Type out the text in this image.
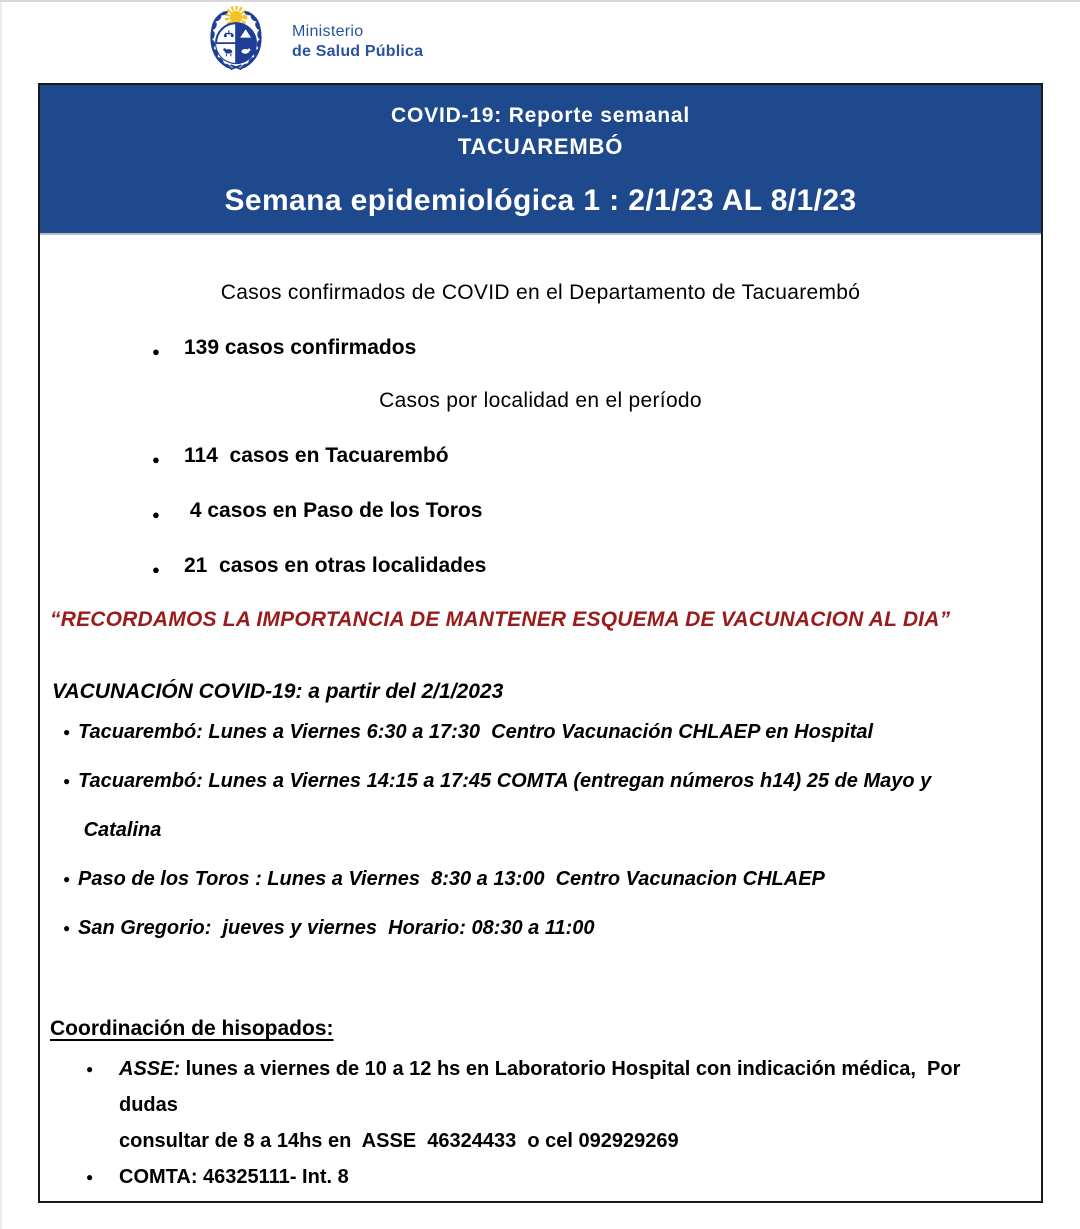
Ministerio
de Salud Pública
COVID-19: Reporte semanal
TACUAREMBÓ
Semana epidemiológica 1 : 2/1/23 AL 8/1/23

Casos confirmados de COVID en el Departamento de Tacuarembó

● 139 casos confirmados

Casos por localidad en el período

● 114  casos en Tacuarembó
●  4 casos en Paso de los Toros
● 21  casos en otras localidades

“RECORDAMOS LA IMPORTANCIA DE MANTENER ESQUEMA DE VACUNACION AL DIA”

VACUNACIÓN COVID-19: a partir del 2/1/2023

● Tacuarembó: Lunes a Viernes 6:30 a 17:30  Centro Vacunación CHLAEP en Hospital
● Tacuarembó: Lunes a Viernes 14:15 a 17:45 COMTA (entregan números h14) 25 de Mayo y
Catalina
● Paso de los Toros : Lunes a Viernes  8:30 a 13:00  Centro Vacunacion CHLAEP
● San Gregorio:  jueves y viernes  Horario: 08:30 a 11:00

Coordinación de hisopados:

● ASSE: lunes a viernes de 10 a 12 hs en Laboratorio Hospital con indicación médica,  Por dudas
consultar de 8 a 14hs en  ASSE  46324433  o cel 092929269
● COMTA: 46325111- Int. 8
